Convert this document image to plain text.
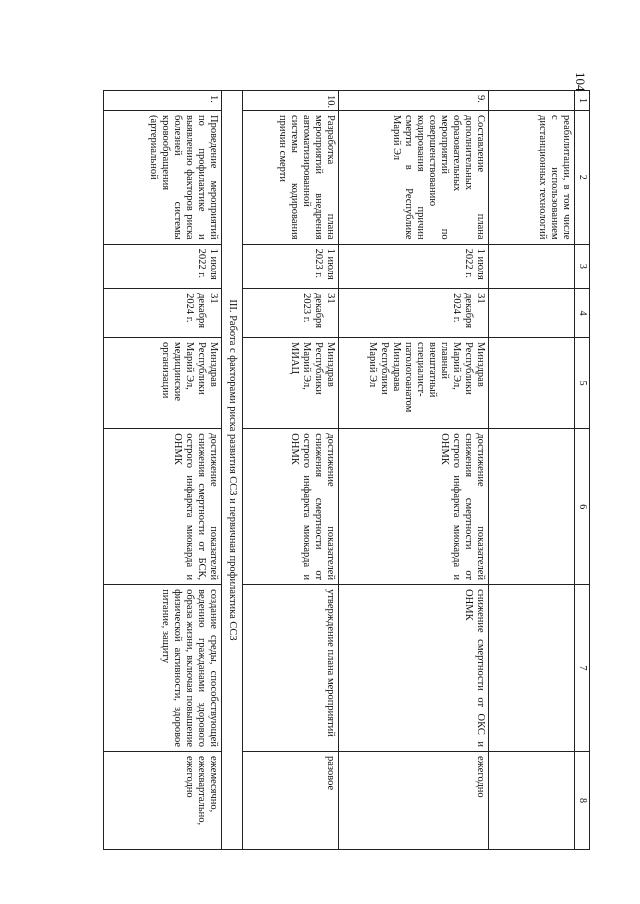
104
1	2	3	4	5	6	7	8
	реабилитации, в том числе с использованием дистанционных технологий						
9.	Составление плана дополнительных образовательных мероприятий по совершенствованию кодирования причин смерти в Республике Марий Эл	1 июля 2022 г.	31 декабря 2024 г.	Минздрав Республики Марий Эл, главный внештатный специалист-патологоанатом Минздрава Республики Марий Эл	достижение показателей снижения смертности от острого инфаркта миокарда и ОНМК	снижение смертности от ОКС и ОНМК	ежегодно
10.	Разработка плана мероприятий внедрения автоматизированной системы кодирования причин смерти	1 июля 2023 г.	31 декабря 2023 г.	Минздрав Республики Марий Эл, МИАЦ	достижение показателей снижения смертности от острого инфаркта миокарда и ОНМК	утверждение плана мероприятий	разовое
III. Работа с факторами риска развития ССЗ и первичная профилактика ССЗ							
1.	Проведение мероприятий по профилактике и выявлению факторов риска болезней системы кровообращения (артериальной	1 июля 2022 г.	31 декабря 2024 г.	Минздрав Республики Марий Эл, медицинские организации	достижение показателей снижения смертности от БСК, острого инфаркта миокарда и ОНМК	создание среды, способствующей ведению гражданами здорового образа жизни, включая повышение физической активности, здоровое питание, защиту	ежемесячно, ежеквартально, ежегодно
